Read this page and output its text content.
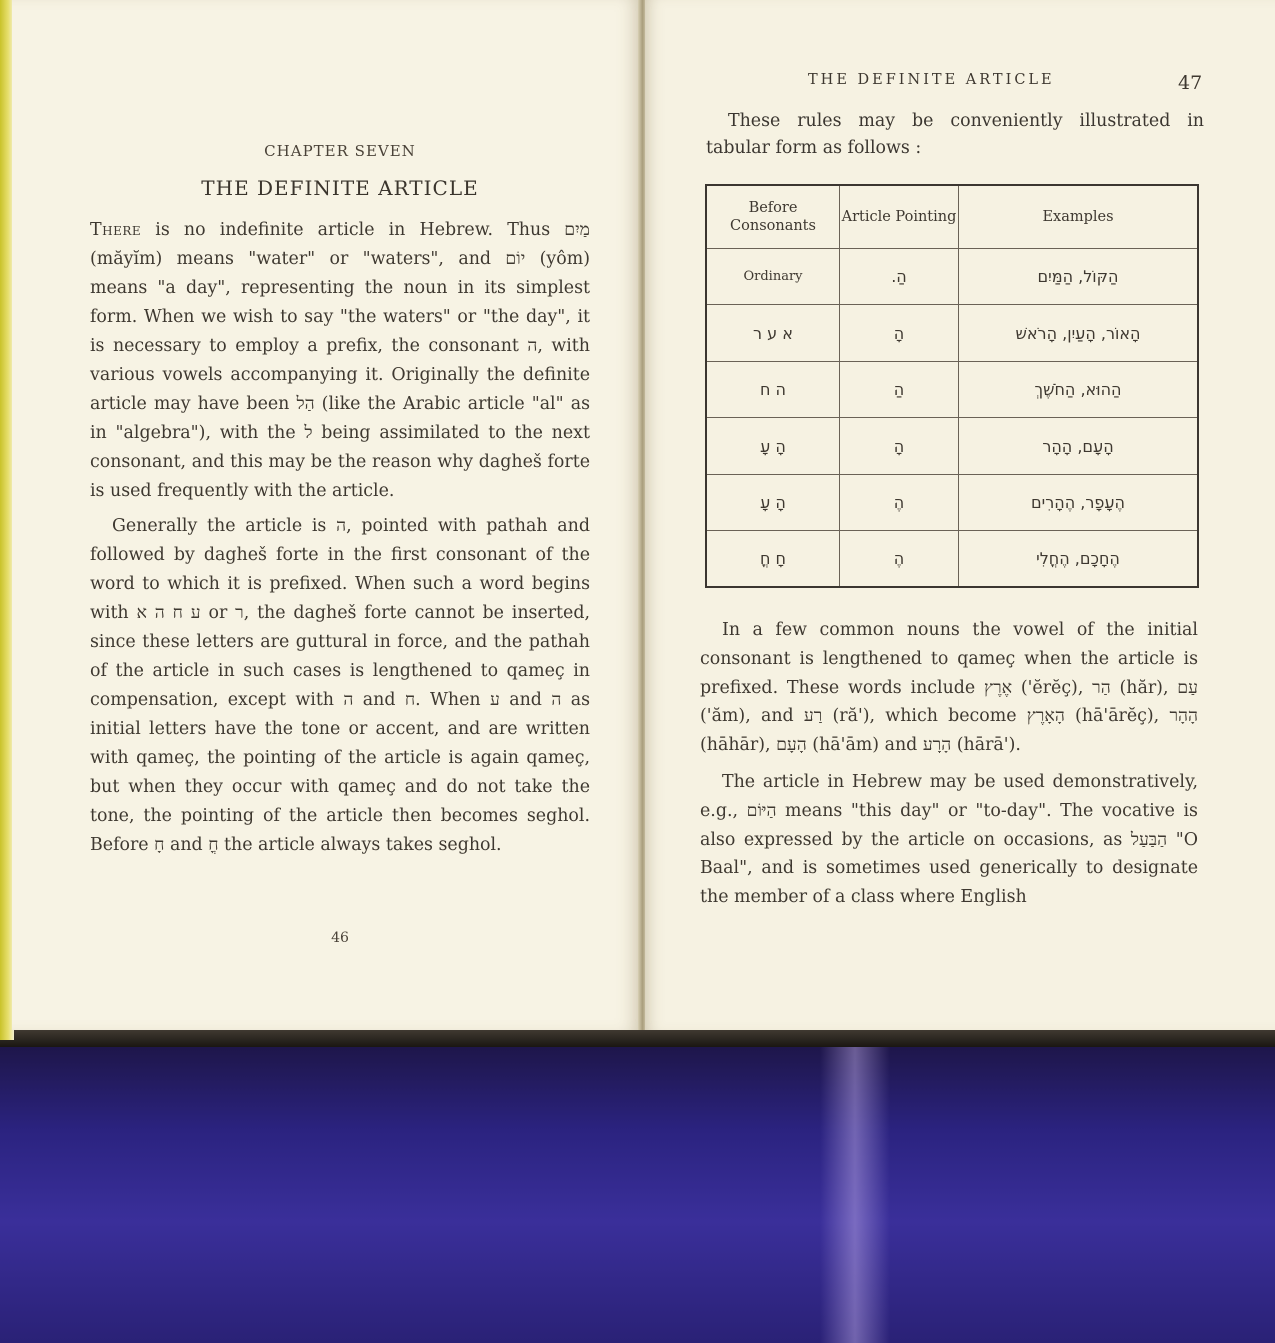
CHAPTER SEVEN
THE DEFINITE ARTICLE

There is no indefinite article in Hebrew. Thus מַיִם (măyĭm) means "water" or "waters", and יוֹם (yôm) means "a day", representing the noun in its simplest form. When we wish to say "the waters" or "the day", it is necessary to employ a prefix, the consonant ה, with various vowels accompanying it. Originally the definite article may have been הַל (like the Arabic article "al" as in "algebra"), with the ל being assimilated to the next consonant, and this may be the reason why dagheš forte is used frequently with the article.

Generally the article is ה, pointed with pathah and followed by dagheš forte in the first consonant of the word to which it is prefixed. When such a word begins with ע ח ה א or ר, the dagheš forte cannot be inserted, since these letters are guttural in force, and the pathah of the article in such cases is lengthened to qameç in compensation, except with ה and ח. When ע and ה as initial letters have the tone or accent, and are written with qameç, the pointing of the article is again qameç, but when they occur with qameç and do not take the tone, the pointing of the article then becomes seghol. Before חָ and חֳ the article always takes seghol.

46
THE DEFINITE ARTICLE	47
These rules may be conveniently illustrated in tabular form as follows :
Before Consonants	Article Pointing	Examples
Ordinary	הַ.	הַקּוֹל, הַמַּיִם
א ע ר	הָ	הָאוֹר, הָעַיִן, הָרֹאשׁ
ה ח	הַ	הַהוּא, הַחֹשֶׁךְ
הָ עָ	הָ	הָעָם, הָהָר
הָ עָ	הֶ	הֶעָפָר, הֶהָרִים
חָ חֳ	הֶ	הֶחָכָם, הֶחֳלִי

In a few common nouns the vowel of the initial consonant is lengthened to qameç when the article is prefixed. These words include אֶרֶץ ('ĕrĕç), הַר (hăr), עַם ('ăm), and רַע (ră'), which become הָאָרֶץ (hā'ārĕç), הָהָר (hāhār), הָעָם (hā'ām) and הָרָע (hārā').

The article in Hebrew may be used demonstratively, e.g., הַיּוֹם means "this day" or "to-day". The vocative is also expressed by the article on occasions, as הַבַּעַל "O Baal", and is sometimes used generically to designate the member of a class where English
